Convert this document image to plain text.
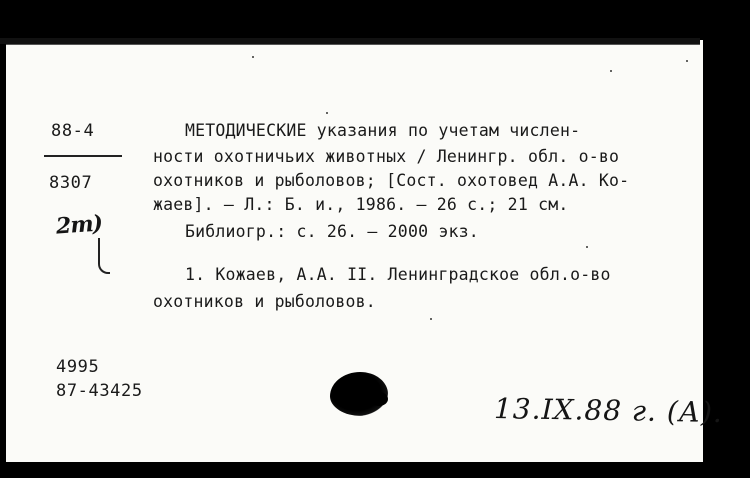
88-4
8307
2т)
МЕТОДИЧЕСКИЕ указания по учетам числен-
ности охотничьих животных / Ленингр. обл. о-во
охотников и рыболовов; [Сост. охотовед А.А. Ко-
жаев]. – Л.: Б. и., 1986. – 26 с.; 21 см.
Библиогр.: с. 26. – 2000 экз.
1. Кожаев, А.А. II. Ленинградское обл.о-во
охотников и рыболовов.
4995
87-43425
13.IX.88 г. (А).
